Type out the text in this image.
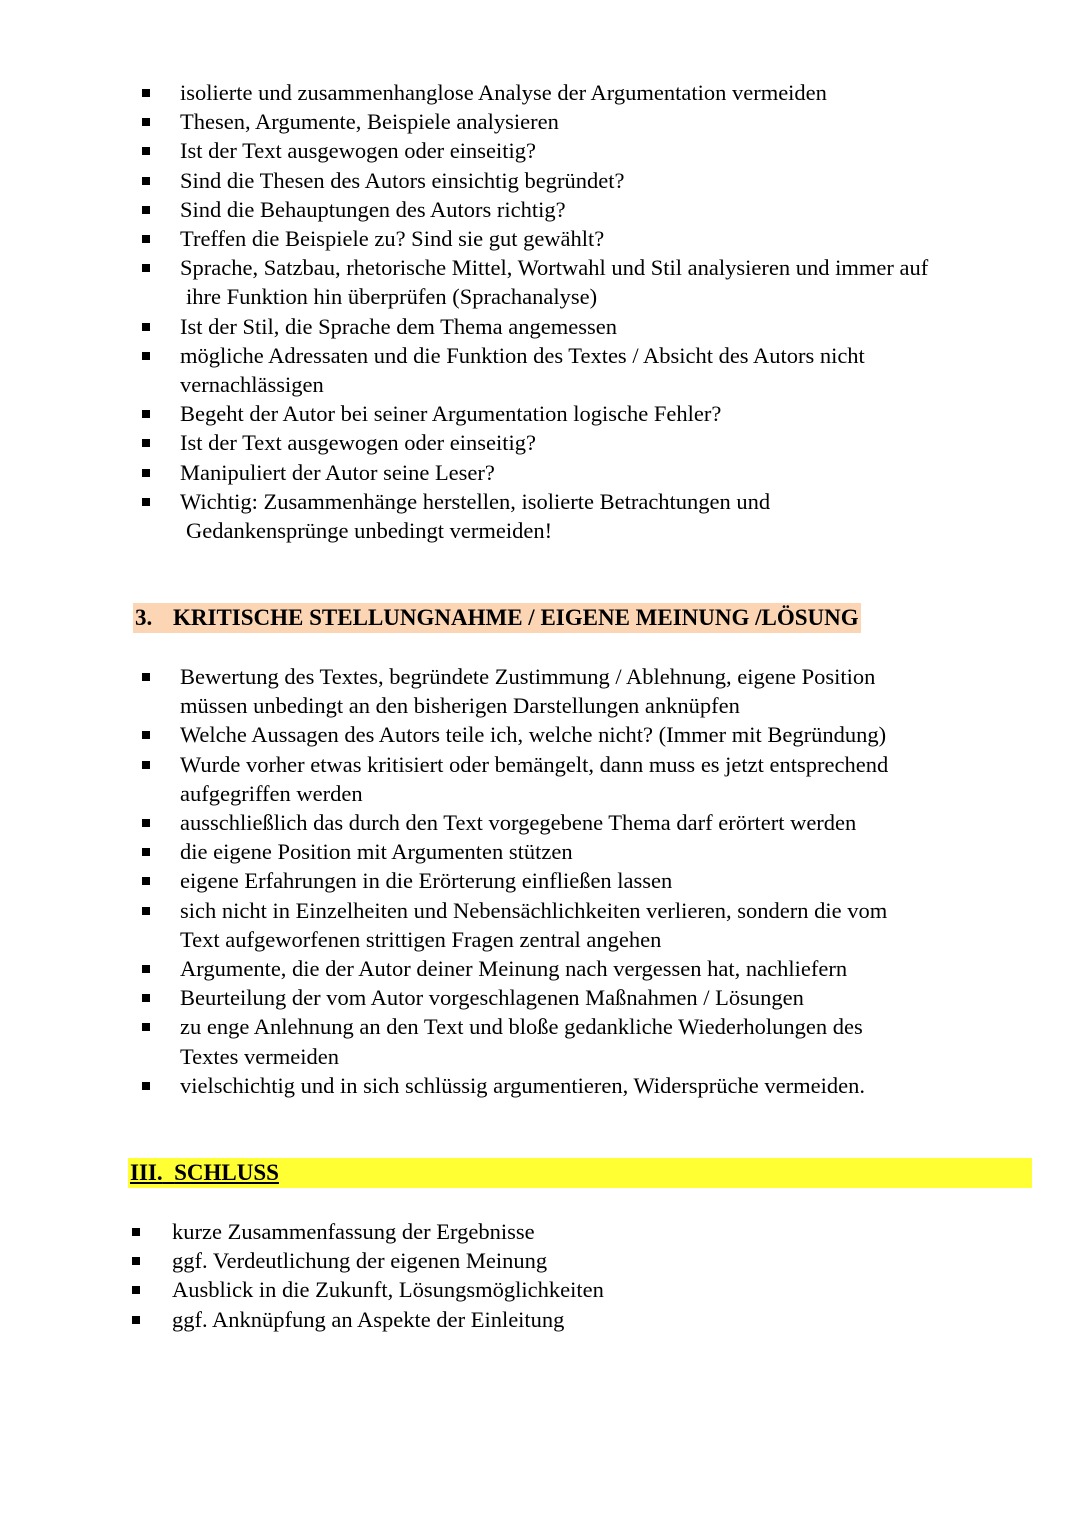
isolierte und zusammenhanglose Analyse der Argumentation vermeiden
Thesen, Argumente, Beispiele analysieren
Ist der Text ausgewogen oder einseitig?
Sind die Thesen des Autors einsichtig begründet?
Sind die Behauptungen des Autors richtig?
Treffen die Beispiele zu? Sind sie gut gewählt?
Sprache, Satzbau, rhetorische Mittel, Wortwahl und Stil analysieren und immer auf
ihre Funktion hin überprüfen (Sprachanalyse)
Ist der Stil, die Sprache dem Thema angemessen
mögliche Adressaten und die Funktion des Textes / Absicht des Autors nicht
vernachlässigen
Begeht der Autor bei seiner Argumentation logische Fehler?
Ist der Text ausgewogen oder einseitig?
Manipuliert der Autor seine Leser?
Wichtig: Zusammenhänge herstellen, isolierte Betrachtungen und
Gedankensprünge unbedingt vermeiden!
3. KRITISCHE STELLUNGNAHME / EIGENE MEINUNG /LÖSUNG
Bewertung des Textes, begründete Zustimmung / Ablehnung, eigene Position
müssen unbedingt an den bisherigen Darstellungen anknüpfen
Welche Aussagen des Autors teile ich, welche nicht? (Immer mit Begründung)
Wurde vorher etwas kritisiert oder bemängelt, dann muss es jetzt entsprechend
aufgegriffen werden
ausschließlich das durch den Text vorgegebene Thema darf erörtert werden
die eigene Position mit Argumenten stützen
eigene Erfahrungen in die Erörterung einfließen lassen
sich nicht in Einzelheiten und Nebensächlichkeiten verlieren, sondern die vom
Text aufgeworfenen strittigen Fragen zentral angehen
Argumente, die der Autor deiner Meinung nach vergessen hat, nachliefern
Beurteilung der vom Autor vorgeschlagenen Maßnahmen / Lösungen
zu enge Anlehnung an den Text und bloße gedankliche Wiederholungen des
Textes vermeiden
vielschichtig und in sich schlüssig argumentieren, Widersprüche vermeiden.
III. SCHLUSS
kurze Zusammenfassung der Ergebnisse
ggf. Verdeutlichung der eigenen Meinung
Ausblick in die Zukunft, Lösungsmöglichkeiten
ggf. Anknüpfung an Aspekte der Einleitung
